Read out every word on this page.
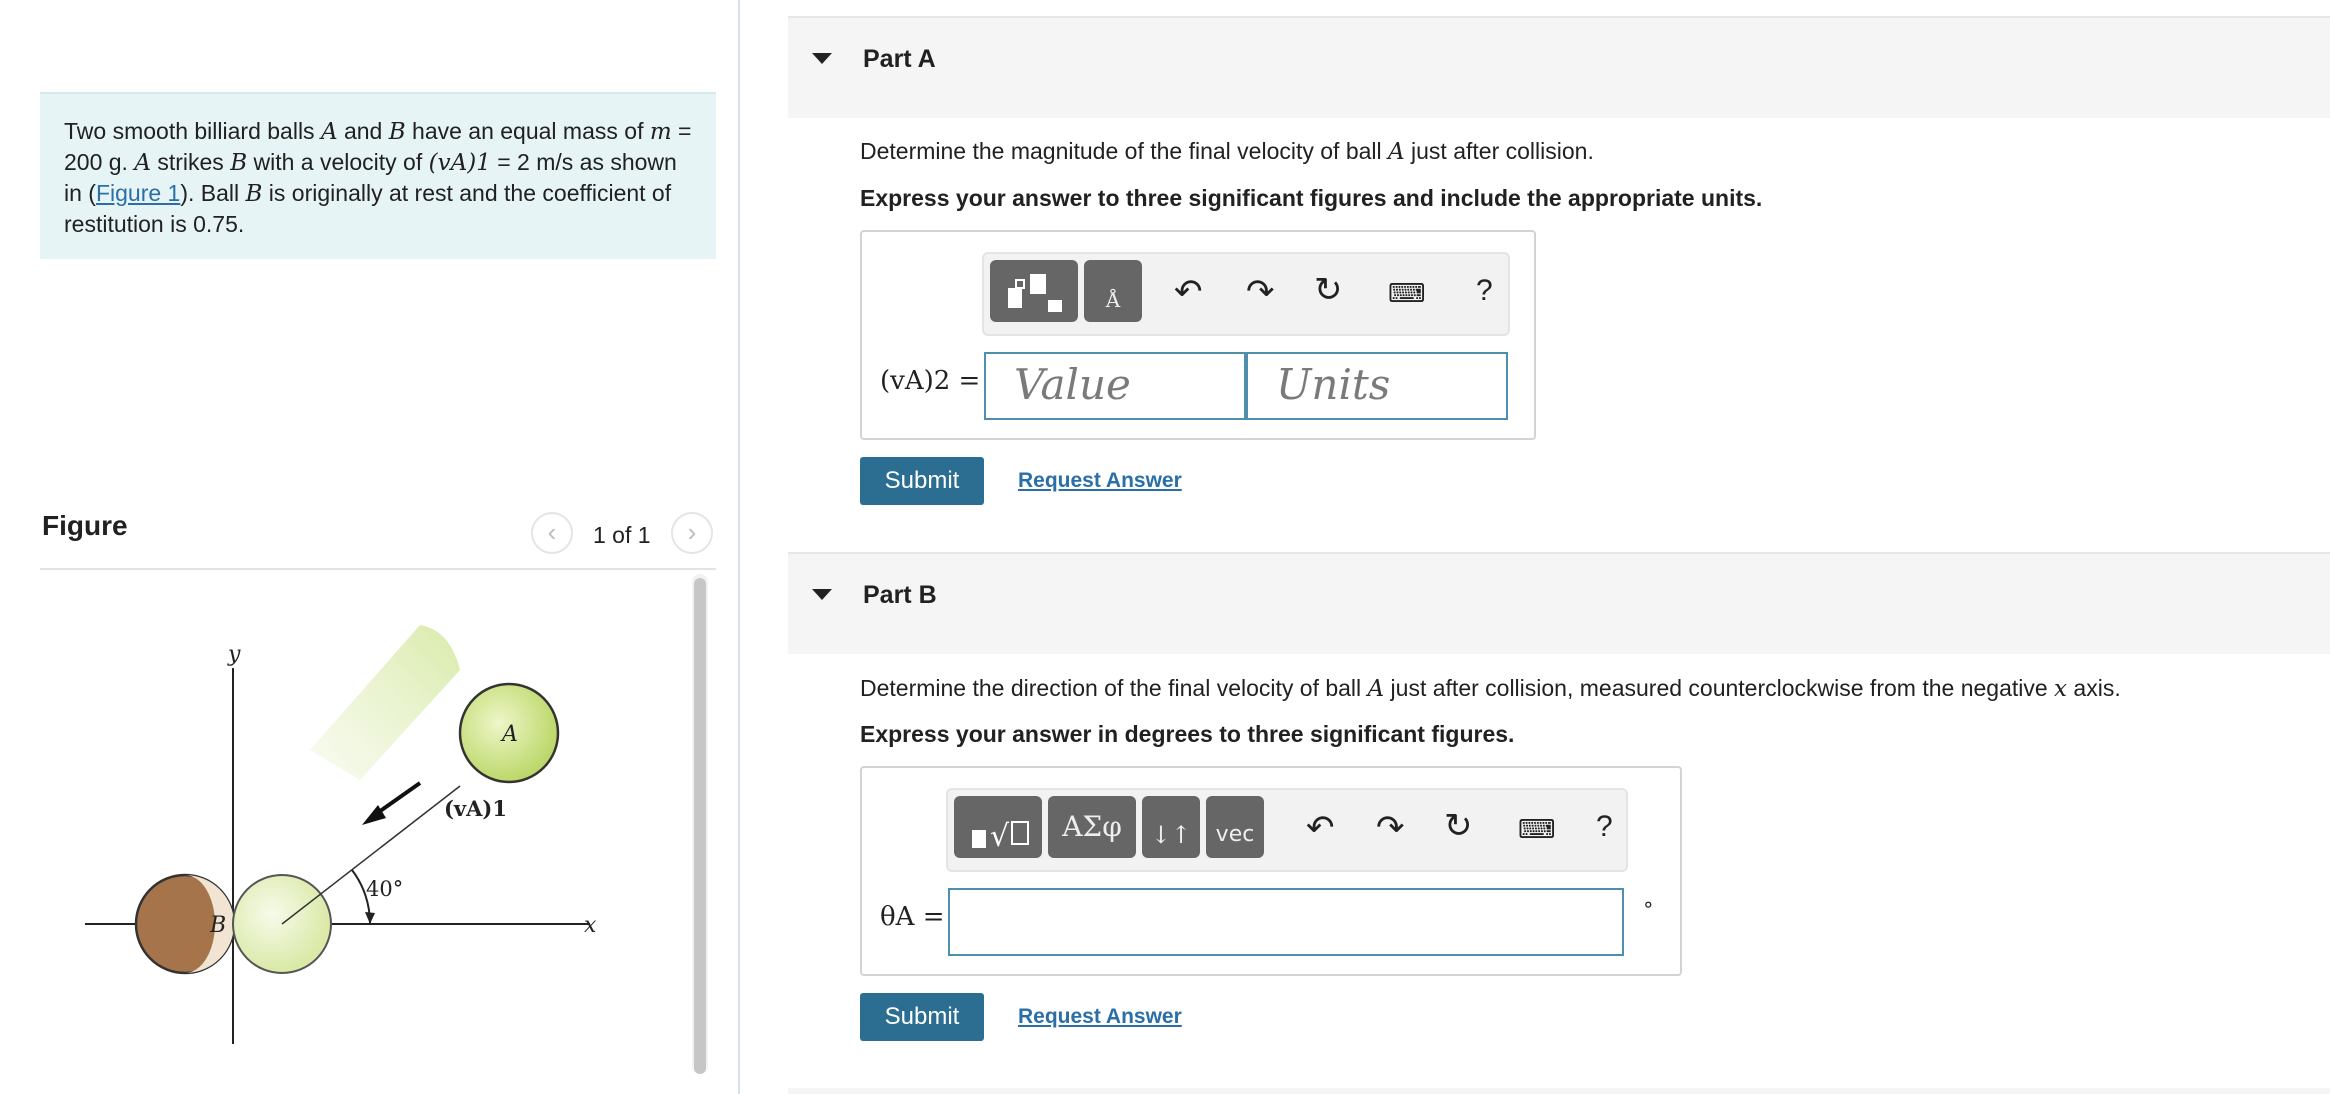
Two smooth billiard balls A and B have an equal mass of m = 200 g. A strikes B with a velocity of (vA)1 = 2 m/s as shown in (Figure 1). Ball B is originally at rest and the coefficient of restitution is 0.75.
Figure	‹	1 of 1	›
y
x
B
40°
A
(vA)1
Part A
Determine the magnitude of the final velocity of ball A just after collision.
Express your answer to three significant figures and include the appropriate units.
Å	↶ ↷ ↻ ⌨ ?
(vA)2 = Value	Units
Submit	Request Answer
Part B
Determine the direction of the final velocity of ball A just after collision, measured counterclockwise from the negative x axis.
Express your answer in degrees to three significant figures.
√	ΑΣφ	↓↑	vec ↶ ↷ ↻ ⌨ ?
θA =	∘
Submit	Request Answer
